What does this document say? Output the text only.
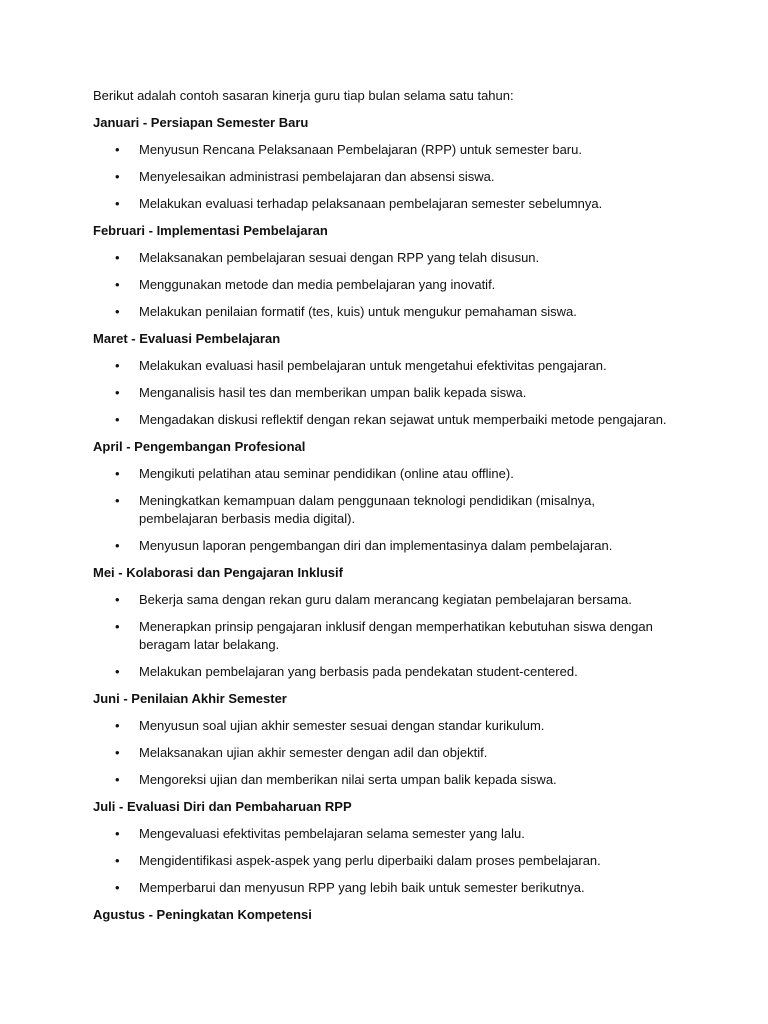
Berikut adalah contoh sasaran kinerja guru tiap bulan selama satu tahun:

Januari - Persiapan Semester Baru

• Menyusun Rencana Pelaksanaan Pembelajaran (RPP) untuk semester baru.
• Menyelesaikan administrasi pembelajaran dan absensi siswa.
• Melakukan evaluasi terhadap pelaksanaan pembelajaran semester sebelumnya.

Februari - Implementasi Pembelajaran

• Melaksanakan pembelajaran sesuai dengan RPP yang telah disusun.
• Menggunakan metode dan media pembelajaran yang inovatif.
• Melakukan penilaian formatif (tes, kuis) untuk mengukur pemahaman siswa.

Maret - Evaluasi Pembelajaran

• Melakukan evaluasi hasil pembelajaran untuk mengetahui efektivitas pengajaran.
• Menganalisis hasil tes dan memberikan umpan balik kepada siswa.
• Mengadakan diskusi reflektif dengan rekan sejawat untuk memperbaiki metode pengajaran.

April - Pengembangan Profesional

• Mengikuti pelatihan atau seminar pendidikan (online atau offline).
• Meningkatkan kemampuan dalam penggunaan teknologi pendidikan (misalnya, pembelajaran berbasis media digital).
• Menyusun laporan pengembangan diri dan implementasinya dalam pembelajaran.

Mei - Kolaborasi dan Pengajaran Inklusif

• Bekerja sama dengan rekan guru dalam merancang kegiatan pembelajaran bersama.
• Menerapkan prinsip pengajaran inklusif dengan memperhatikan kebutuhan siswa dengan beragam latar belakang.
• Melakukan pembelajaran yang berbasis pada pendekatan student-centered.

Juni - Penilaian Akhir Semester

• Menyusun soal ujian akhir semester sesuai dengan standar kurikulum.
• Melaksanakan ujian akhir semester dengan adil dan objektif.
• Mengoreksi ujian dan memberikan nilai serta umpan balik kepada siswa.

Juli - Evaluasi Diri dan Pembaharuan RPP

• Mengevaluasi efektivitas pembelajaran selama semester yang lalu.
• Mengidentifikasi aspek-aspek yang perlu diperbaiki dalam proses pembelajaran.
• Memperbarui dan menyusun RPP yang lebih baik untuk semester berikutnya.

Agustus - Peningkatan Kompetensi
